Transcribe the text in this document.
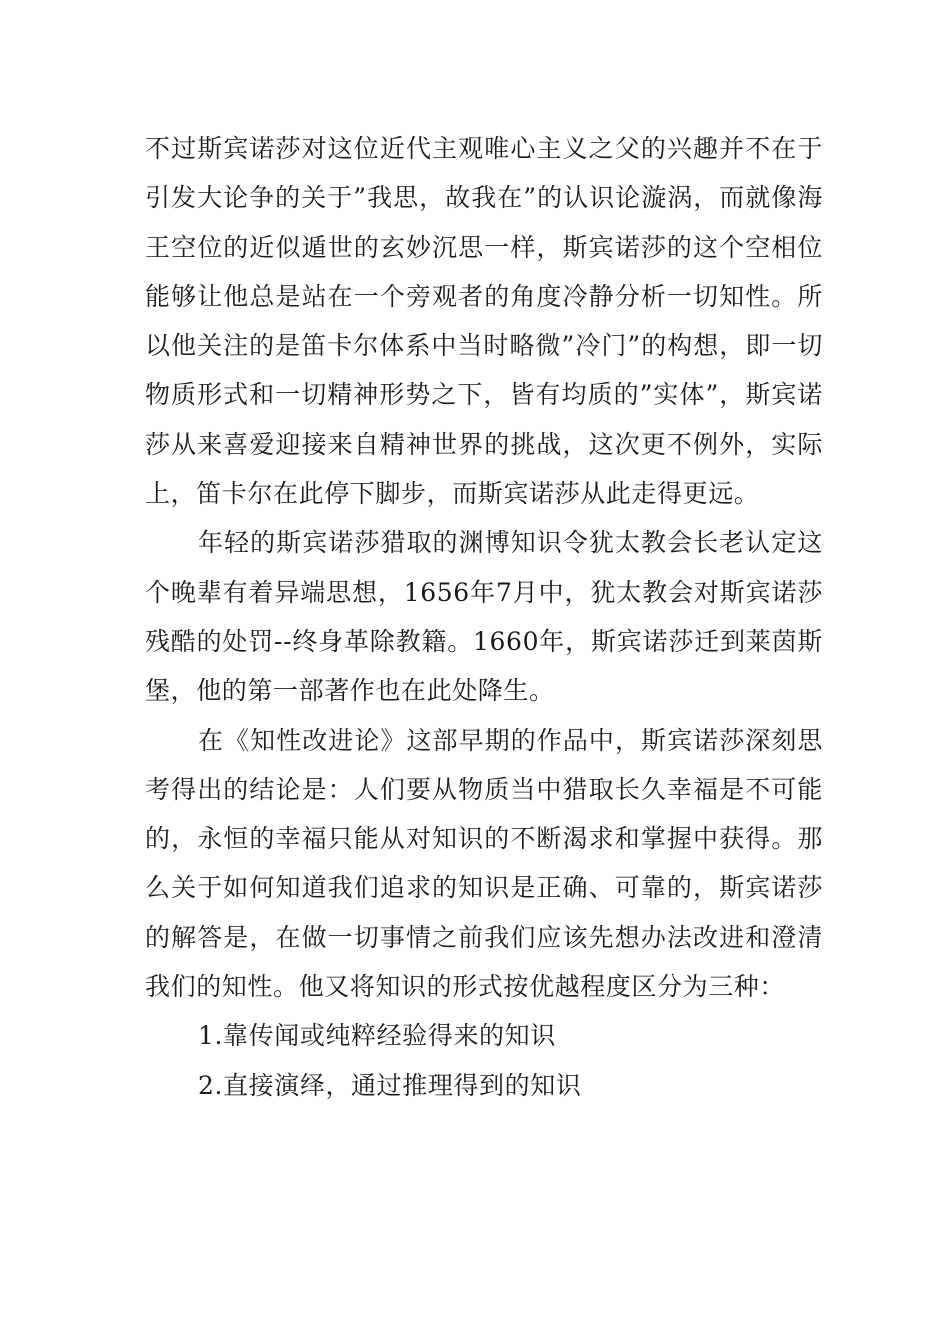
不过斯宾诺莎对这位近代主观唯心主义之父的兴趣并不在于引发大论争的关于”我思，故我在”的认识论漩涡，而就像海王空位的近似遁世的玄妙沉思一样，斯宾诺莎的这个空相位能够让他总是站在一个旁观者的角度冷静分析一切知性。所以他关注的是笛卡尔体系中当时略微”冷门”的构想，即一切物质形式和一切精神形势之下，皆有均质的”实体”，斯宾诺莎从来喜爱迎接来自精神世界的挑战，这次更不例外，实际上，笛卡尔在此停下脚步，而斯宾诺莎从此走得更远。

年轻的斯宾诺莎猎取的渊博知识令犹太教会长老认定这个晚辈有着异端思想，1656年7月中，犹太教会对斯宾诺莎残酷的处罚--终身革除教籍。1660年，斯宾诺莎迁到莱茵斯堡，他的第一部著作也在此处降生。

在《知性改进论》这部早期的作品中，斯宾诺莎深刻思考得出的结论是：人们要从物质当中猎取长久幸福是不可能的，永恒的幸福只能从对知识的不断渴求和掌握中获得。那么关于如何知道我们追求的知识是正确、可靠的，斯宾诺莎的解答是，在做一切事情之前我们应该先想办法改进和澄清我们的知性。他又将知识的形式按优越程度区分为三种：

1.靠传闻或纯粹经验得来的知识

2.直接演绎，通过推理得到的知识
